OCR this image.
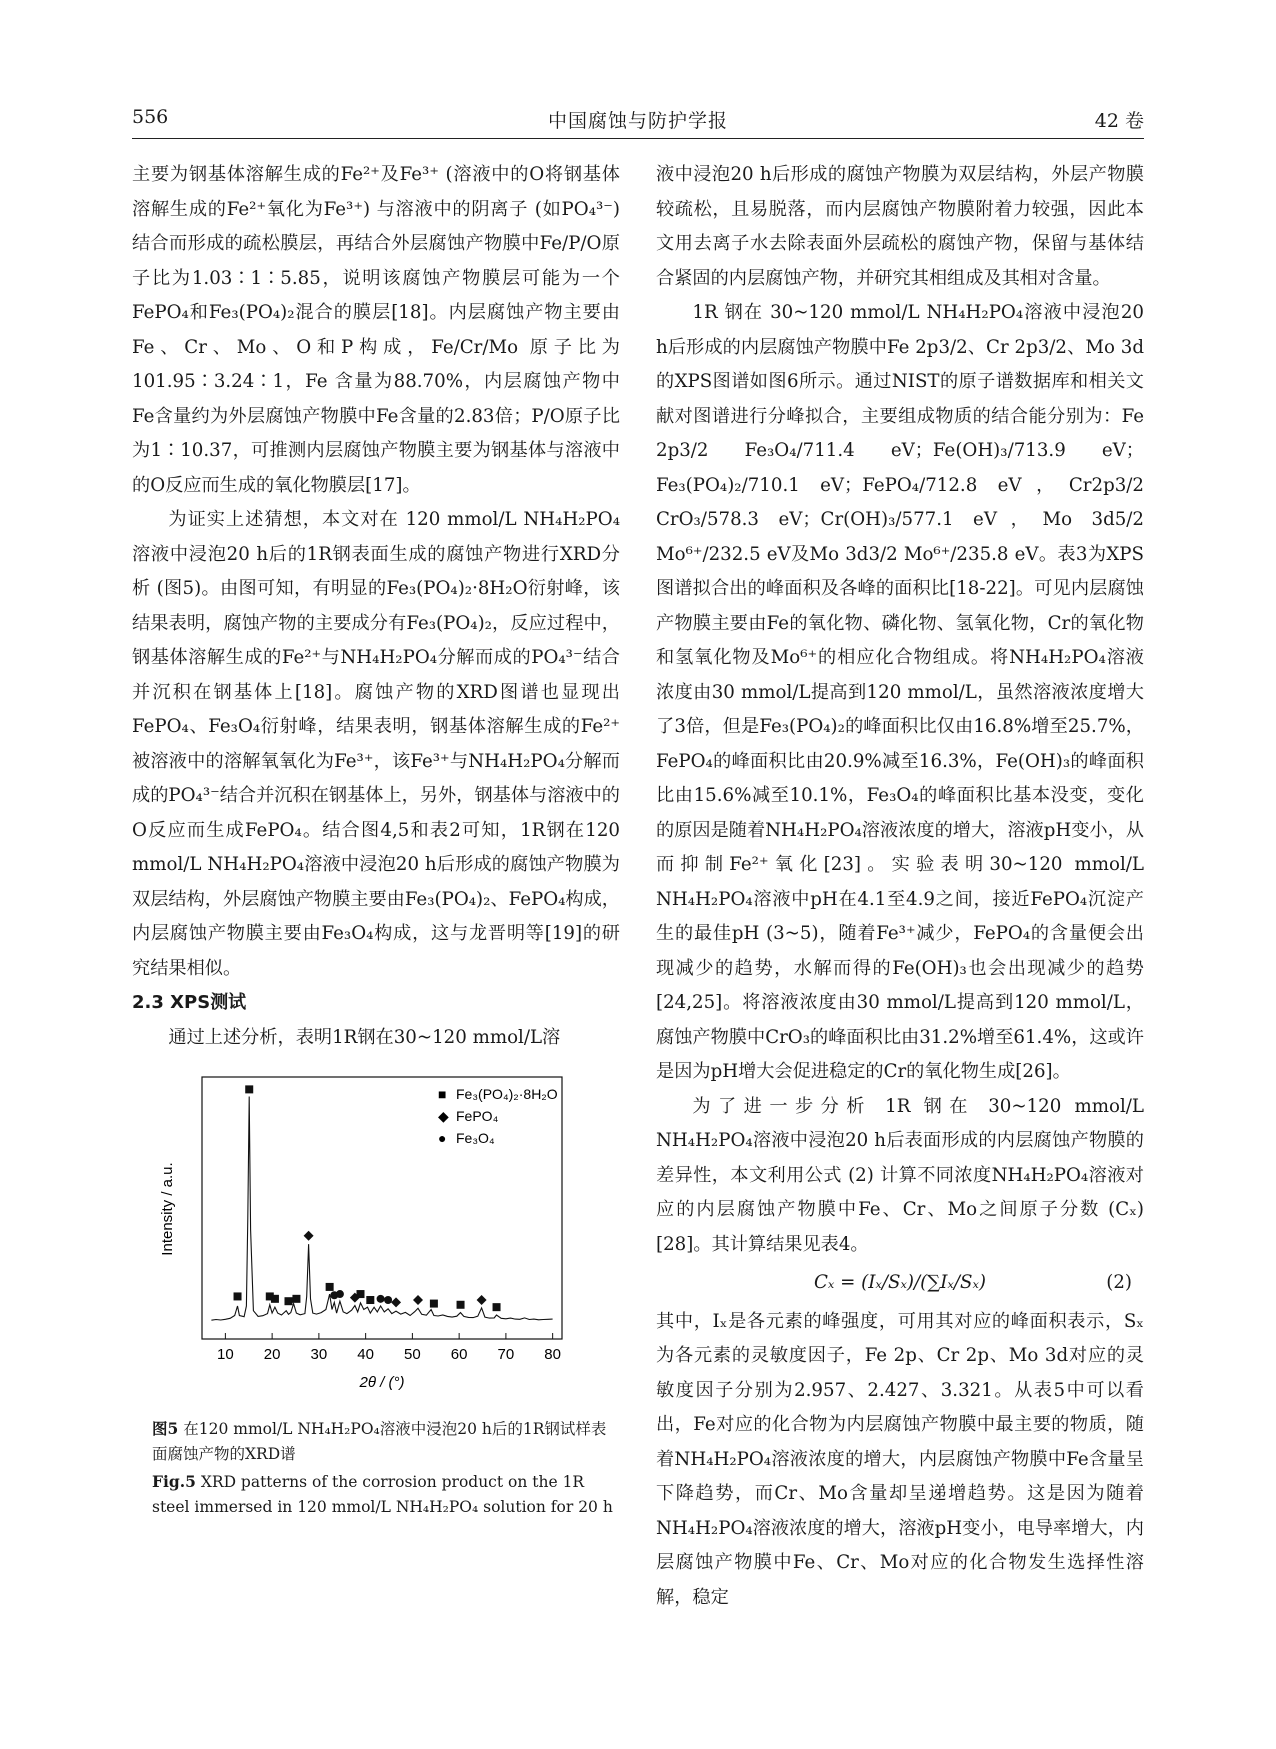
556	中国腐蚀与防护学报	42 卷

主要为钢基体溶解生成的Fe²⁺及Fe³⁺ (溶液中的O将钢基体溶解生成的Fe²⁺氧化为Fe³⁺) 与溶液中的阴离子 (如PO₄³⁻) 结合而形成的疏松膜层，再结合外层腐蚀产物膜中Fe/P/O原子比为1.03∶1∶5.85，说明该腐蚀产物膜层可能为一个FePO₄和Fe₃(PO₄)₂混合的膜层[18]。内层腐蚀产物主要由Fe、Cr、Mo、O和P构成，Fe/Cr/Mo 原子比为 101.95∶3.24∶1，Fe 含量为88.70%，内层腐蚀产物中Fe含量约为外层腐蚀产物膜中Fe含量的2.83倍；P/O原子比为1∶10.37，可推测内层腐蚀产物膜主要为钢基体与溶液中的O反应而生成的氧化物膜层[17]。

为证实上述猜想，本文对在 120 mmol/L NH₄H₂PO₄溶液中浸泡20 h后的1R钢表面生成的腐蚀产物进行XRD分析 (图5)。由图可知，有明显的Fe₃(PO₄)₂·8H₂O衍射峰，该结果表明，腐蚀产物的主要成分有Fe₃(PO₄)₂，反应过程中，钢基体溶解生成的Fe²⁺与NH₄H₂PO₄分解而成的PO₄³⁻结合并沉积在钢基体上[18]。腐蚀产物的XRD图谱也显现出FePO₄、Fe₃O₄衍射峰，结果表明，钢基体溶解生成的Fe²⁺被溶液中的溶解氧氧化为Fe³⁺，该Fe³⁺与NH₄H₂PO₄分解而成的PO₄³⁻结合并沉积在钢基体上，另外，钢基体与溶液中的O反应而生成FePO₄。结合图4,5和表2可知，1R钢在120 mmol/L NH₄H₂PO₄溶液中浸泡20 h后形成的腐蚀产物膜为双层结构，外层腐蚀产物膜主要由Fe₃(PO₄)₂、FePO₄构成，内层腐蚀产物膜主要由Fe₃O₄构成，这与龙晋明等[19]的研究结果相似。

2.3 XPS测试

通过上述分析，表明1R钢在30~120 mmol/L溶

10 20 30 40 50 60 70 80
Intensity / a.u.
2θ / (°)
■ Fe₃(PO₄)₂·8H₂O
◆ FePO₄
● Fe₃O₄
图5 在120 mmol/L NH₄H₂PO₄溶液中浸泡20 h后的1R钢试样表面腐蚀产物的XRD谱
Fig.5 XRD patterns of the corrosion product on the 1R steel immersed in 120 mmol/L NH₄H₂PO₄ solution for 20 h

液中浸泡20 h后形成的腐蚀产物膜为双层结构，外层产物膜较疏松，且易脱落，而内层腐蚀产物膜附着力较强，因此本文用去离子水去除表面外层疏松的腐蚀产物，保留与基体结合紧固的内层腐蚀产物，并研究其相组成及其相对含量。

1R 钢在 30~120 mmol/L NH₄H₂PO₄溶液中浸泡20 h后形成的内层腐蚀产物膜中Fe 2p3/2、Cr 2p3/2、Mo 3d的XPS图谱如图6所示。通过NIST的原子谱数据库和相关文献对图谱进行分峰拟合，主要组成物质的结合能分别为：Fe 2p3/2 Fe₃O₄/711.4 eV；Fe(OH)₃/713.9 eV；Fe₃(PO₄)₂/710.1 eV；FePO₄/712.8 eV，Cr2p3/2 CrO₃/578.3 eV；Cr(OH)₃/577.1 eV，Mo 3d5/2 Mo⁶⁺/232.5 eV及Mo 3d3/2 Mo⁶⁺/235.8 eV。表3为XPS图谱拟合出的峰面积及各峰的面积比[18-22]。可见内层腐蚀产物膜主要由Fe的氧化物、磷化物、氢氧化物，Cr的氧化物和氢氧化物及Mo⁶⁺的相应化合物组成。将NH₄H₂PO₄溶液浓度由30 mmol/L提高到120 mmol/L，虽然溶液浓度增大了3倍，但是Fe₃(PO₄)₂的峰面积比仅由16.8%增至25.7%，FePO₄的峰面积比由20.9%减至16.3%，Fe(OH)₃的峰面积比由15.6%减至10.1%，Fe₃O₄的峰面积比基本没变，变化的原因是随着NH₄H₂PO₄溶液浓度的增大，溶液pH变小，从而抑制Fe²⁺氧化[23]。实验表明30~120 mmol/L NH₄H₂PO₄溶液中pH在4.1至4.9之间，接近FePO₄沉淀产生的最佳pH (3~5)，随着Fe³⁺减少，FePO₄的含量便会出现减少的趋势，水解而得的Fe(OH)₃也会出现减少的趋势[24,25]。将溶液浓度由30 mmol/L提高到120 mmol/L，腐蚀产物膜中CrO₃的峰面积比由31.2%增至61.4%，这或许是因为pH增大会促进稳定的Cr的氧化物生成[26]。

为了进一步分析 1R 钢在 30~120 mmol/L NH₄H₂PO₄溶液中浸泡20 h后表面形成的内层腐蚀产物膜的差异性，本文利用公式 (2) 计算不同浓度NH₄H₂PO₄溶液对应的内层腐蚀产物膜中Fe、Cr、Mo之间原子分数 (Cₓ)[28]。其计算结果见表4。

Cₓ = (Iₓ/Sₓ)/(∑Iₓ/Sₓ)	(2)

其中，Iₓ是各元素的峰强度，可用其对应的峰面积表示，Sₓ为各元素的灵敏度因子，Fe 2p、Cr 2p、Mo 3d对应的灵敏度因子分别为2.957、2.427、3.321。从表5中可以看出，Fe对应的化合物为内层腐蚀产物膜中最主要的物质，随着NH₄H₂PO₄溶液浓度的增大，内层腐蚀产物膜中Fe含量呈下降趋势，而Cr、Mo含量却呈递增趋势。这是因为随着NH₄H₂PO₄溶液浓度的增大，溶液pH变小，电导率增大，内层腐蚀产物膜中Fe、Cr、Mo对应的化合物发生选择性溶解，稳定
